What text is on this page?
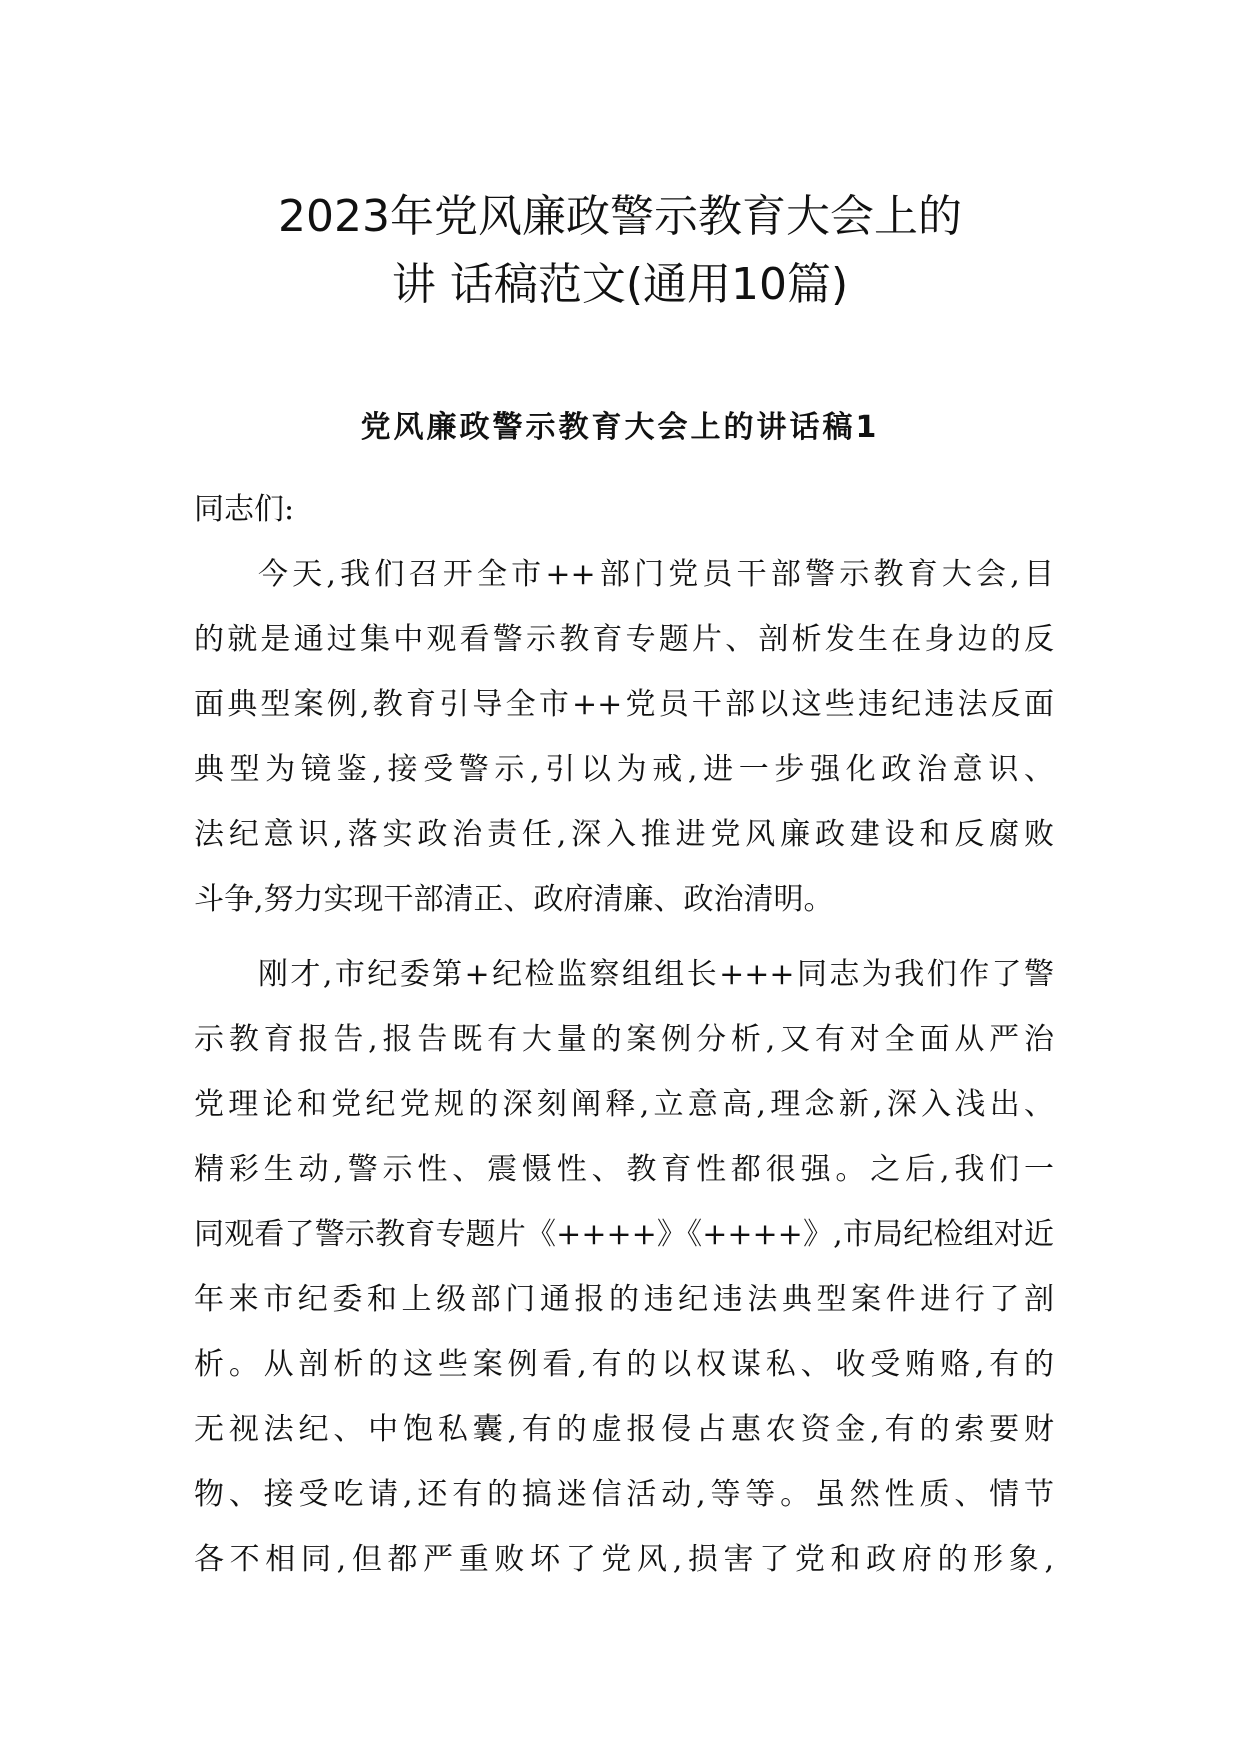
2023年党风廉政警示教育大会上的
讲 话稿范文(通用10篇)
党风廉政警示教育大会上的讲话稿1

同志们:

今天,我们召开全市++部门党员干部警示教育大会,目

的就是通过集中观看警示教育专题片、剖析发生在身边的反

面典型案例,教育引导全市++党员干部以这些违纪违法反面

典型为镜鉴,接受警示,引以为戒,进一步强化政治意识、

法纪意识,落实政治责任,深入推进党风廉政建设和反腐败

斗争,努力实现干部清正、政府清廉、政治清明。

刚才,市纪委第+纪检监察组组长+++同志为我们作了警

示教育报告,报告既有大量的案例分析,又有对全面从严治

党理论和党纪党规的深刻阐释,立意高,理念新,深入浅出、

精彩生动,警示性、震慑性、教育性都很强。之后,我们一

同观看了警示教育专题片《++++》《++++》,市局纪检组对近

年来市纪委和上级部门通报的违纪违法典型案件进行了剖

析。从剖析的这些案例看,有的以权谋私、收受贿赂,有的

无视法纪、中饱私囊,有的虚报侵占惠农资金,有的索要财

物、接受吃请,还有的搞迷信活动,等等。虽然性质、情节

各不相同,但都严重败坏了党风,损害了党和政府的形象,
